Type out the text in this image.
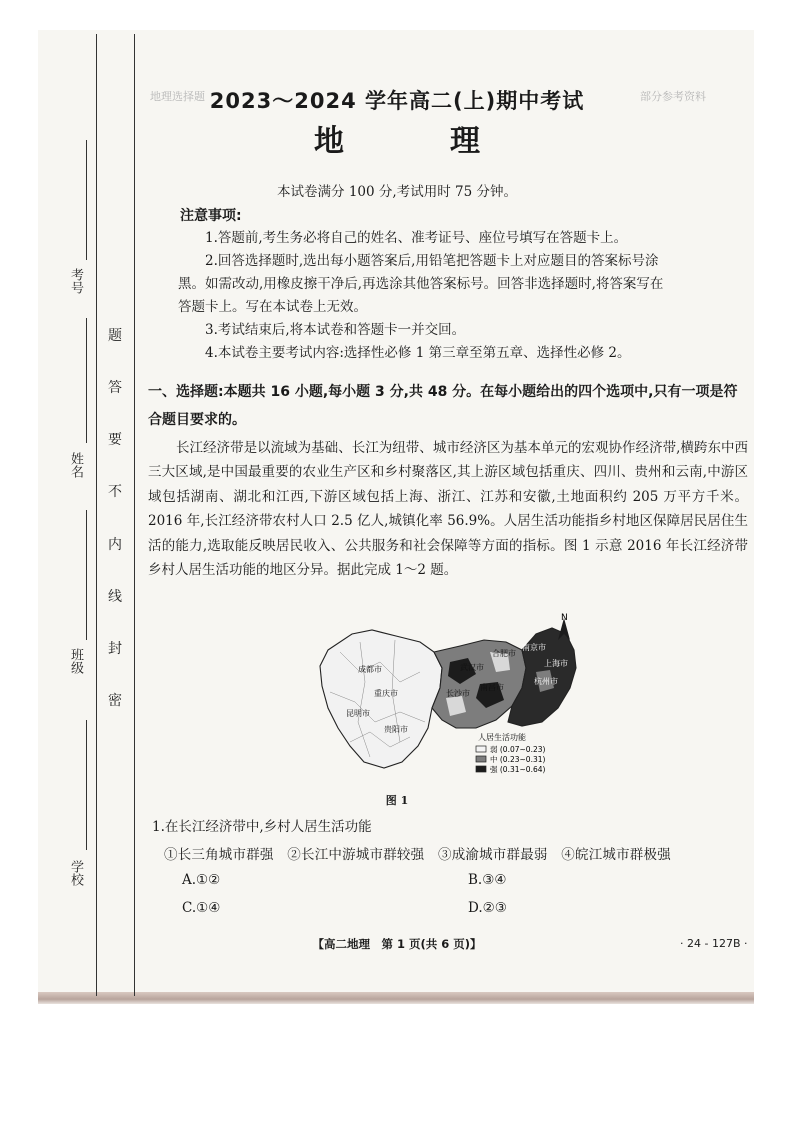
考号
姓名
班级
学校
密
封
线
内
不
要
答
题
地理选择题	部分参考资料
2023～2024 学年高二(上)期中考试
地　理
本试卷满分 100 分,考试用时 75 分钟。
注意事项:
1.答题前,考生务必将自己的姓名、准考证号、座位号填写在答题卡上。
2.回答选择题时,选出每小题答案后,用铅笔把答题卡上对应题目的答案标号涂
黑。如需改动,用橡皮擦干净后,再选涂其他答案标号。回答非选择题时,将答案写在
答题卡上。写在本试卷上无效。
3.考试结束后,将本试卷和答题卡一并交回。
4.本试卷主要考试内容:选择性必修 1 第三章至第五章、选择性必修 2。
一、选择题:本题共 16 小题,每小题 3 分,共 48 分。在每小题给出的四个选项中,只有一项是符合题目要求的。
长江经济带是以流域为基础、长江为纽带、城市经济区为基本单元的宏观协作经济带,横跨东中西三大区域,是中国最重要的农业生产区和乡村聚落区,其上游区域包括重庆、四川、贵州和云南,中游区域包括湖南、湖北和江西,下游区域包括上海、浙江、江苏和安徽,土地面积约 205 万平方千米。2016 年,长江经济带农村人口 2.5 亿人,城镇化率 56.9%。人居生活功能指乡村地区保障居民居住生活的能力,选取能反映居民收入、公共服务和社会保障等方面的指标。图 1 示意 2016 年长江经济带乡村人居生活功能的地区分异。据此完成 1～2 题。
N
成都市
重庆市
贵阳市
昆明市
武汉市
长沙市
南昌市
合肥市
南京市
上海市
杭州市
人居生活功能
弱 (0.07~0.23)
中 (0.23~0.31)
强 (0.31~0.64)
图 1
1.在长江经济带中,乡村人居生活功能
①长三角城市群强　②长江中游城市群较强　③成渝城市群最弱　④皖江城市群极强
A.①②	B.③④
C.①④	D.②③
【高二地理　第 1 页(共 6 页)】	· 24 - 127B ·
